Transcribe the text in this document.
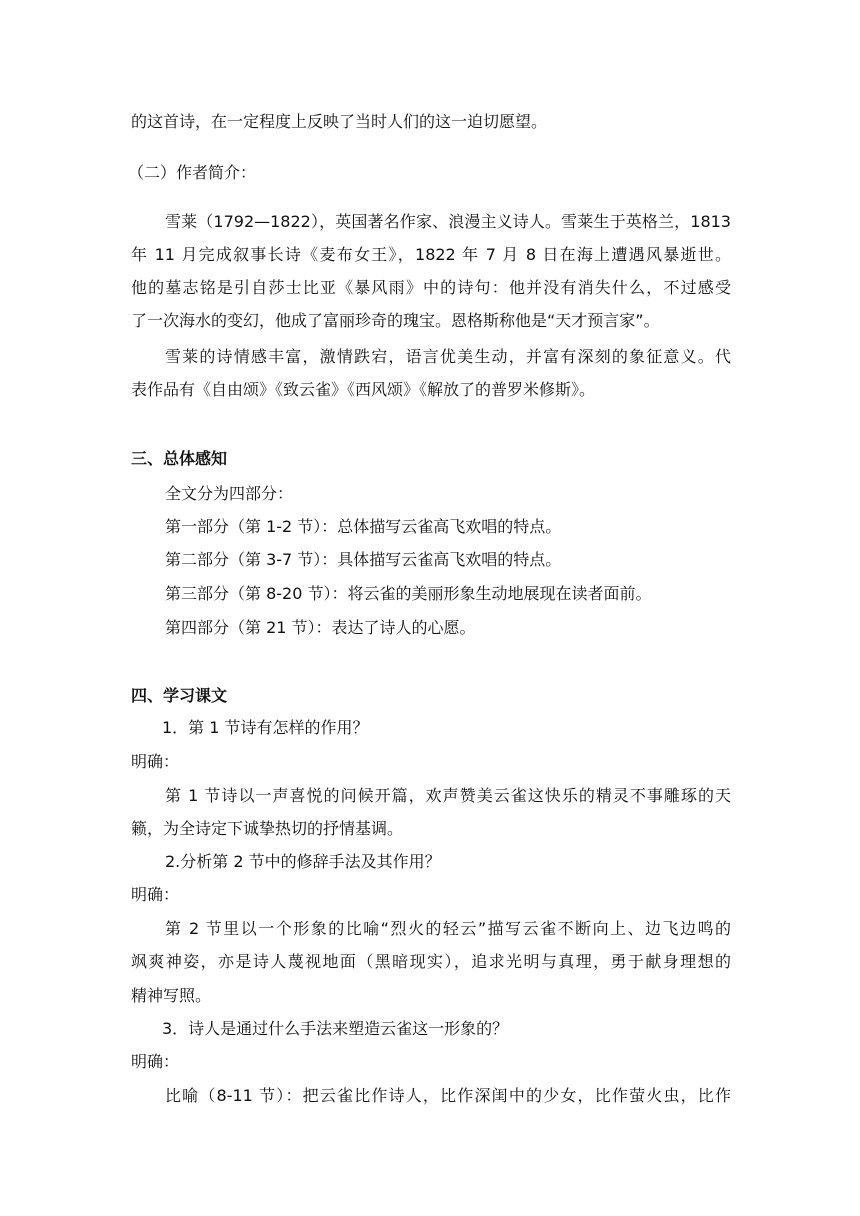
的这首诗，在一定程度上反映了当时人们的这一迫切愿望。
（二）作者简介：
雪莱（1792—1822），英国著名作家、浪漫主义诗人。雪莱生于英格兰，1813
年 11 月完成叙事长诗《麦布女王》，1822 年 7 月 8 日在海上遭遇风暴逝世。
他的墓志铭是引自莎士比亚《暴风雨》中的诗句：他并没有消失什么，不过感受
了一次海水的变幻，他成了富丽珍奇的瑰宝。恩格斯称他是“天才预言家”。
雪莱的诗情感丰富，激情跌宕，语言优美生动，并富有深刻的象征意义。代
表作品有《自由颂》《致云雀》《西风颂》《解放了的普罗米修斯》。
三、总体感知
全文分为四部分：
第一部分（第 1-2 节）：总体描写云雀高飞欢唱的特点。
第二部分（第 3-7 节）：具体描写云雀高飞欢唱的特点。
第三部分（第 8-20 节）：将云雀的美丽形象生动地展现在读者面前。
第四部分（第 21 节）：表达了诗人的心愿。
四、学习课文
1．第 1 节诗有怎样的作用？
明确：
第 1 节诗以一声喜悦的问候开篇，欢声赞美云雀这快乐的精灵不事雕琢的天
籁，为全诗定下诚挚热切的抒情基调。
2.分析第 2 节中的修辞手法及其作用？
明确：
第 2 节里以一个形象的比喻“烈火的轻云”描写云雀不断向上、边飞边鸣的
飒爽神姿，亦是诗人蔑视地面（黑暗现实），追求光明与真理，勇于献身理想的
精神写照。
3．诗人是通过什么手法来塑造云雀这一形象的？
明确：
比喻（8-11 节）：把云雀比作诗人，比作深闺中的少女，比作萤火虫，比作
